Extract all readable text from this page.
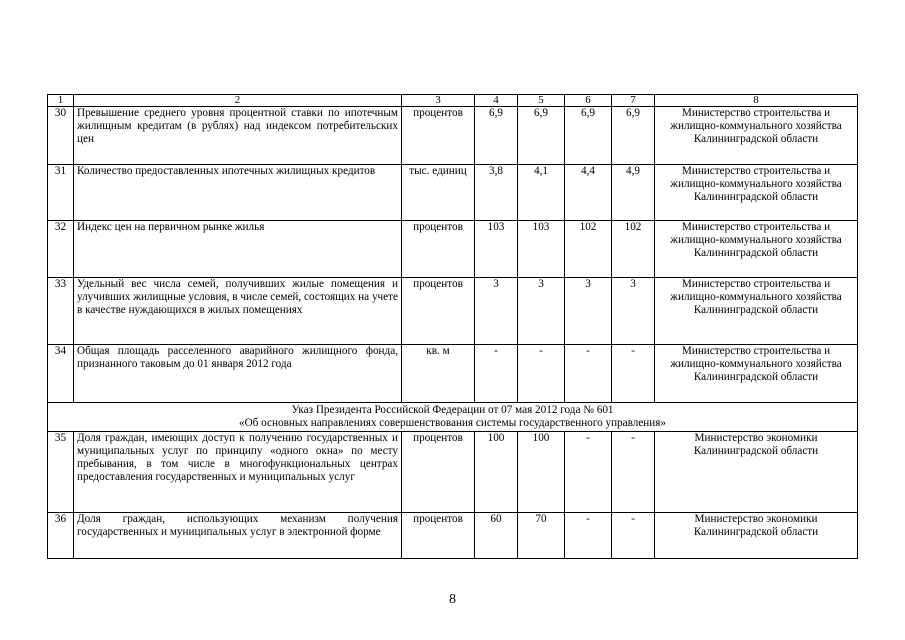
1	2	3	4	5	6	7	8
30	Превышение среднего уровня процентной ставки по ипотечным жилищным кредитам (в рублях) над индексом потребительских цен	процентов	6,9	6,9	6,9	6,9	Министерство строительства и жилищно-коммунального хозяйства Калининградской области
31	Количество предоставленных ипотечных жилищных кредитов	тыс. единиц	3,8	4,1	4,4	4,9	Министерство строительства и жилищно-коммунального хозяйства Калининградской области
32	Индекс цен на первичном рынке жилья	процентов	103	103	102	102	Министерство строительства и жилищно-коммунального хозяйства Калининградской области
33	Удельный вес числа семей, получивших жилые помещения и улучивших жилищные условия, в числе семей, состоящих на учете в качестве нуждающихся в жилых помещениях	процентов	3	3	3	3	Министерство строительства и жилищно-коммунального хозяйства Калининградской области
34	Общая площадь расселенного аварийного жилищного фонда, признанного таковым до 01 января 2012 года	кв. м	-	-	-	-	Министерство строительства и жилищно-коммунального хозяйства Калининградской области

Указ Президента Российской Федерации от 07 мая 2012 года № 601
«Об основных направлениях совершенствования системы государственного управления»							

35	Доля граждан, имеющих доступ к получению государственных и муниципальных услуг по принципу «одного окна» по месту пребывания, в том числе в многофункциональных центрах предоставления государственных и муниципальных услуг	процентов	100	100	-	-	Министерство экономики Калининградской области
36	Доля граждан, использующих механизм получения государственных и муниципальных услуг в электронной форме	процентов	60	70	-	-	Министерство экономики Калининградской области
8
